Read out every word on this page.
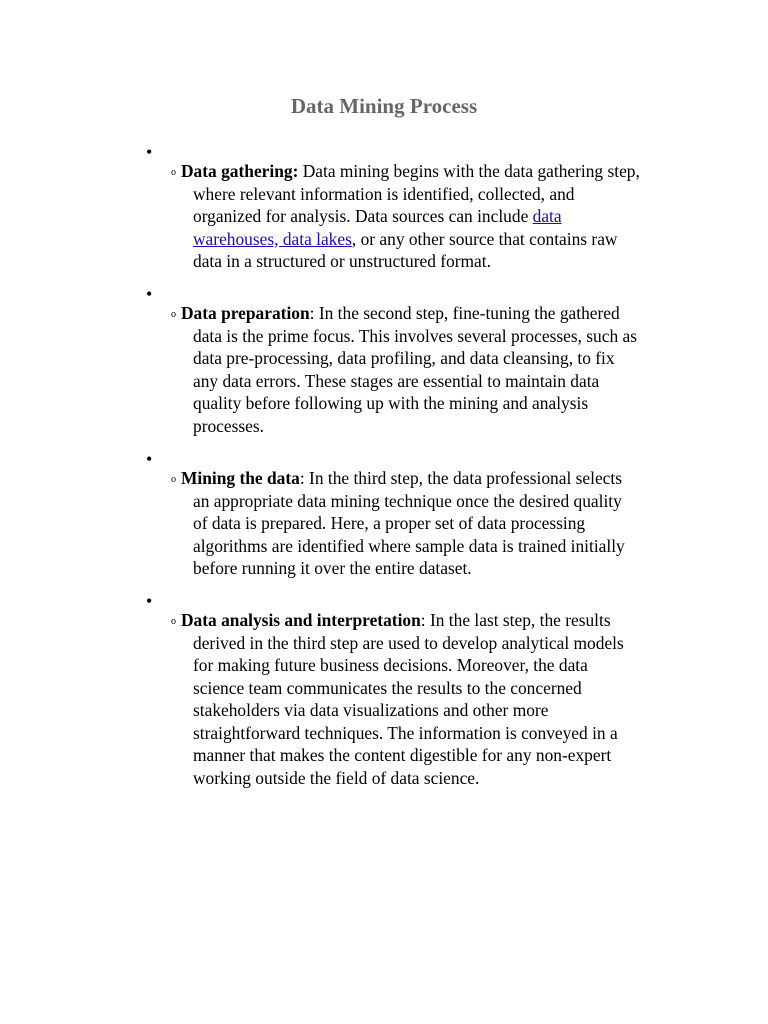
Data Mining Process
•
o Data gathering: Data mining begins with the data gathering step,
where relevant information is identified, collected, and
organized for analysis. Data sources can include data
warehouses, data lakes, or any other source that contains raw
data in a structured or unstructured format.
•
o Data preparation: In the second step, fine-tuning the gathered
data is the prime focus. This involves several processes, such as
data pre-processing, data profiling, and data cleansing, to fix
any data errors. These stages are essential to maintain data
quality before following up with the mining and analysis
processes.
•
o Mining the data: In the third step, the data professional selects
an appropriate data mining technique once the desired quality
of data is prepared. Here, a proper set of data processing
algorithms are identified where sample data is trained initially
before running it over the entire dataset.
•
o Data analysis and interpretation: In the last step, the results
derived in the third step are used to develop analytical models
for making future business decisions. Moreover, the data
science team communicates the results to the concerned
stakeholders via data visualizations and other more
straightforward techniques. The information is conveyed in a
manner that makes the content digestible for any non-expert
working outside the field of data science.
